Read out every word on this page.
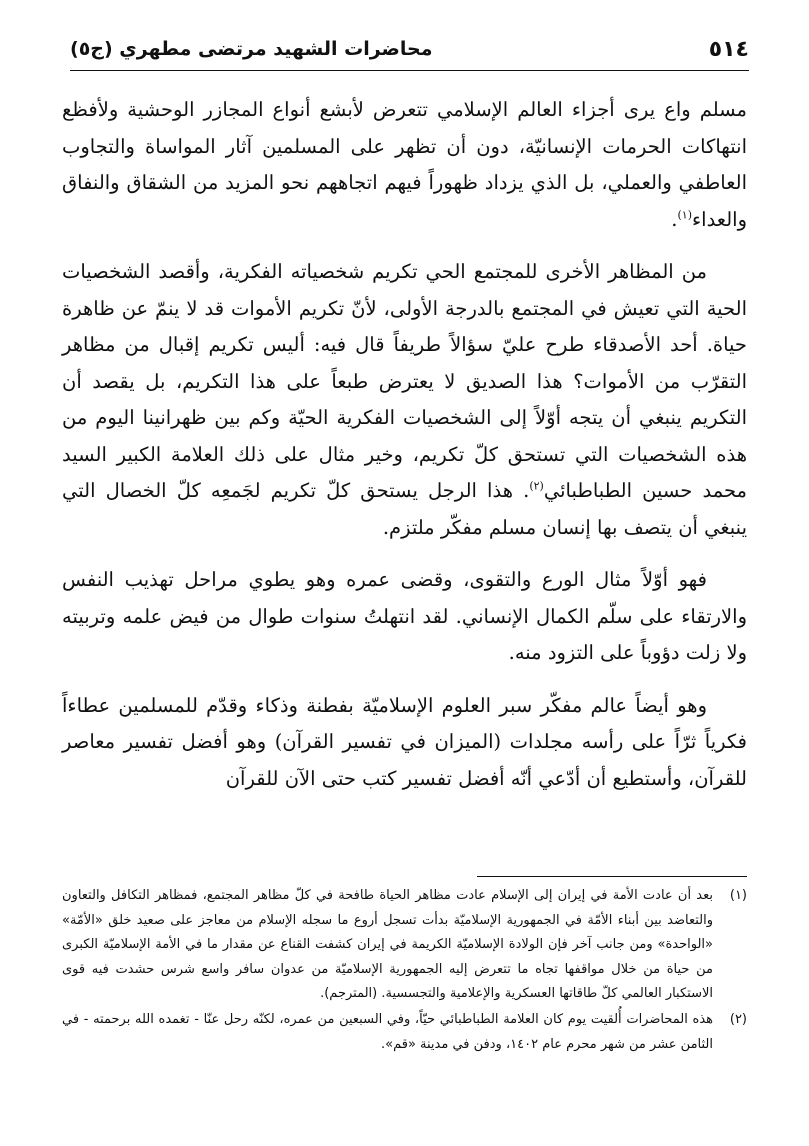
٥١٤
محاضرات الشهيد مرتضى مطهري (ج٥)

مسلم واع يرى أجزاء العالم الإسلامي تتعرض لأبشع أنواع المجازر الوحشية ولأفظع انتهاكات الحرمات الإنسانيّة، دون أن تظهر على المسلمين آثار المواساة والتجاوب العاطفي والعملي، بل الذي يزداد ظهوراً فيهم اتجاههم نحو المزيد من الشقاق والنفاق والعداء$^{(١)}$.

من المظاهر الأخرى للمجتمع الحي تكريم شخصياته الفكرية، وأقصد الشخصيات الحية التي تعيش في المجتمع بالدرجة الأولى، لأنّ تكريم الأموات قد لا ينمّ عن ظاهرة حياة. أحد الأصدقاء طرح عليّ سؤالاً طريفاً قال فيه: أليس تكريم إقبال من مظاهر التقرّب من الأموات؟ هذا الصديق لا يعترض طبعاً على هذا التكريم، بل يقصد أن التكريم ينبغي أن يتجه أوّلاً إلى الشخصيات الفكرية الحيّة وكم بين ظهرانينا اليوم من هذه الشخصيات التي تستحق كلّ تكريم، وخير مثال على ذلك العلامة الكبير السيد محمد حسين الطباطبائي$^{(٢)}$. هذا الرجل يستحق كلّ تكريم لجَمعِه كلّ الخصال التي ينبغي أن يتصف بها إنسان مسلم مفكّر ملتزم.

فهو أوّلاً مثال الورع والتقوى، وقضى عمره وهو يطوي مراحل تهذيب النفس والارتقاء على سلّم الكمال الإنساني. لقد انتهلتُ سنوات طوال من فيض علمه وتربيته ولا زلت دؤوباً على التزود منه.

وهو أيضاً عالم مفكّر سبر العلوم الإسلاميّة بفطنة وذكاء وقدّم للمسلمين عطاءاً فكرياً ثرّاً على رأسه مجلدات (الميزان في تفسير القرآن) وهو أفضل تفسير معاصر للقرآن، وأستطيع أن أدّعي أنّه أفضل تفسير كتب حتى الآن للقرآن

(١)
بعد أن عادت الأمة في إيران إلى الإسلام عادت مظاهر الحياة طافحة في كلّ مظاهر المجتمع، فمظاهر التكافل والتعاون والتعاضد بين أبناء الأمّة في الجمهورية الإسلاميّة بدأت تسجل أروع ما سجله الإسلام من معاجز على صعيد خلق «الأمّة» «الواحدة» ومن جانب آخر فإن الولادة الإسلاميّة الكريمة في إيران كشفت القناع عن مقدار ما في الأمة الإسلاميّة الكبرى من حياة من خلال مواقفها تجاه ما تتعرض إليه الجمهورية الإسلاميّة من عدوان سافر واسع شرس حشدت فيه قوى الاستكبار العالمي كلّ طاقاتها العسكرية والإعلامية والتجسسية. (المترجم).
(٢)
هذه المحاضرات أُلقيت يوم كان العلامة الطباطبائي حيّاً، وفي السبعين من عمره، لكنّه رحل عنّا - تغمده الله برحمته - في الثامن عشر من شهر محرم عام ١٤٠٢، ودفن في مدينة «قم».
